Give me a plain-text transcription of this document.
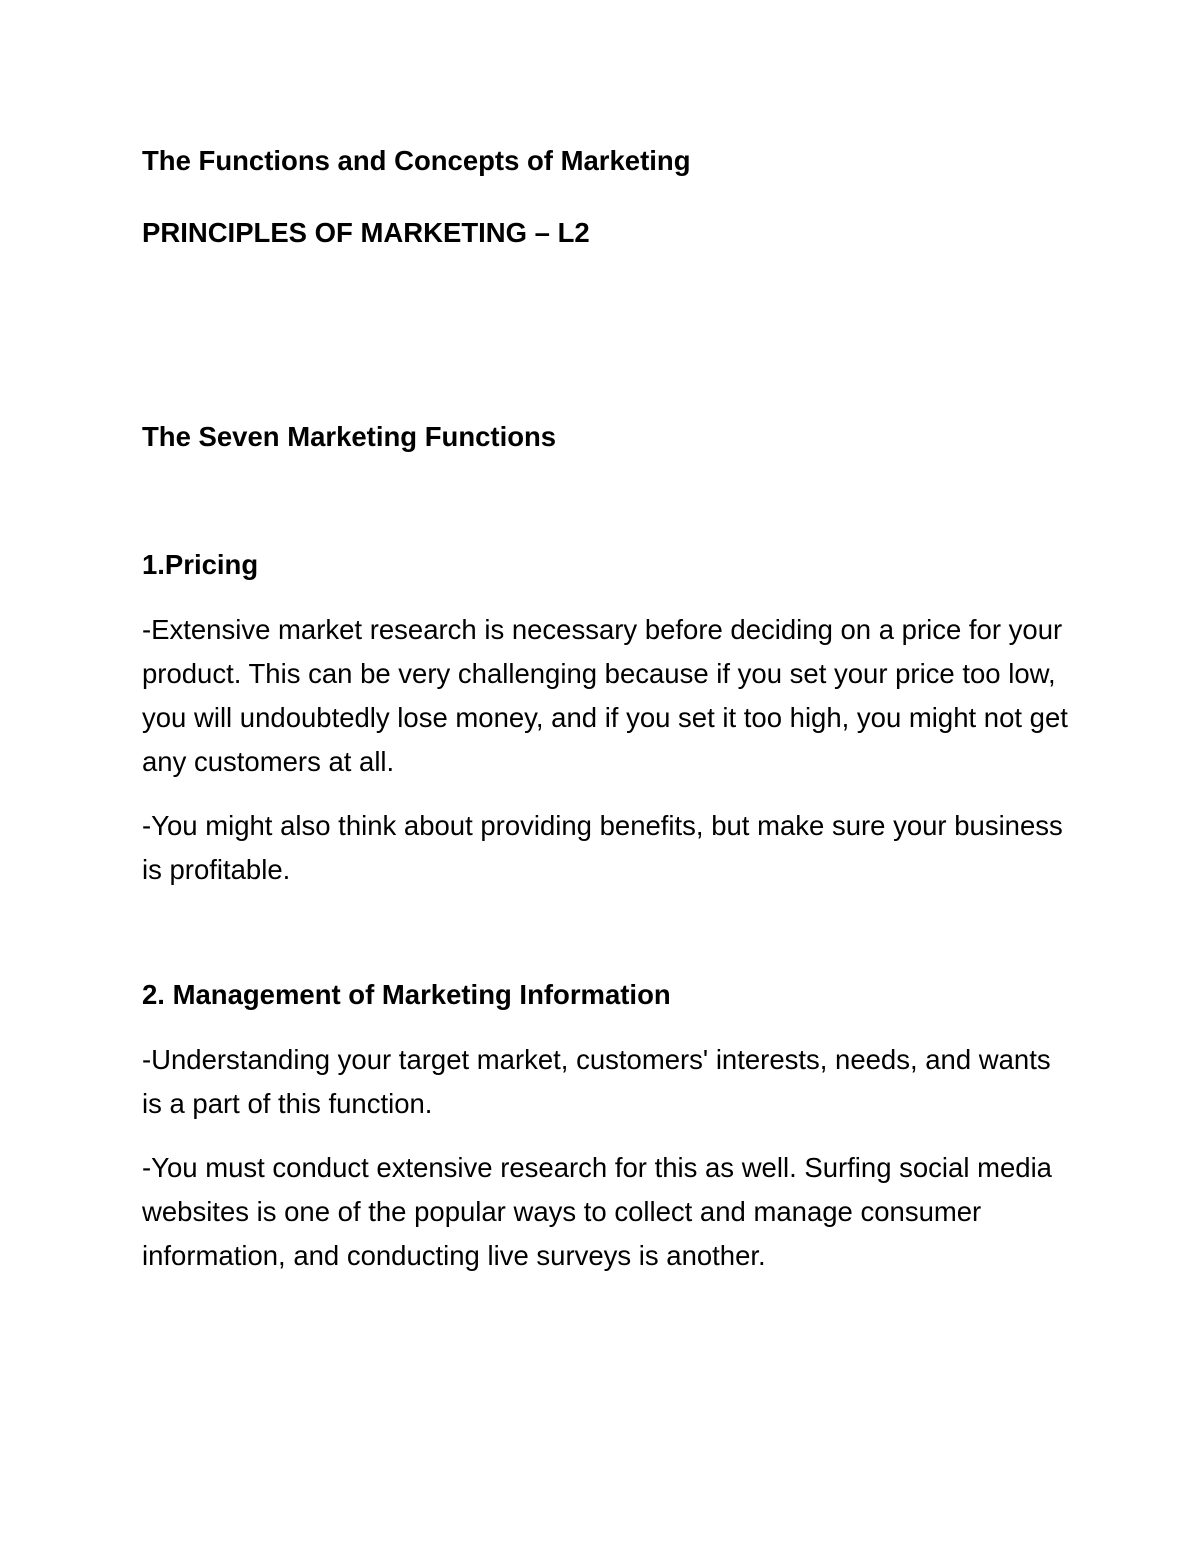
The Functions and Concepts of Marketing
PRINCIPLES OF MARKETING – L2
The Seven Marketing Functions
1.Pricing

-Extensive market research is necessary before deciding on a price for your product. This can be very challenging because if you set your price too low, you will undoubtedly lose money, and if you set it too high, you might not get any customers at all.

-You might also think about providing benefits, but make sure your business is profitable.

2. Management of Marketing Information

-Understanding your target market, customers' interests, needs, and wants is a part of this function.

-You must conduct extensive research for this as well. Surfing social media websites is one of the popular ways to collect and manage consumer information, and conducting live surveys is another.
